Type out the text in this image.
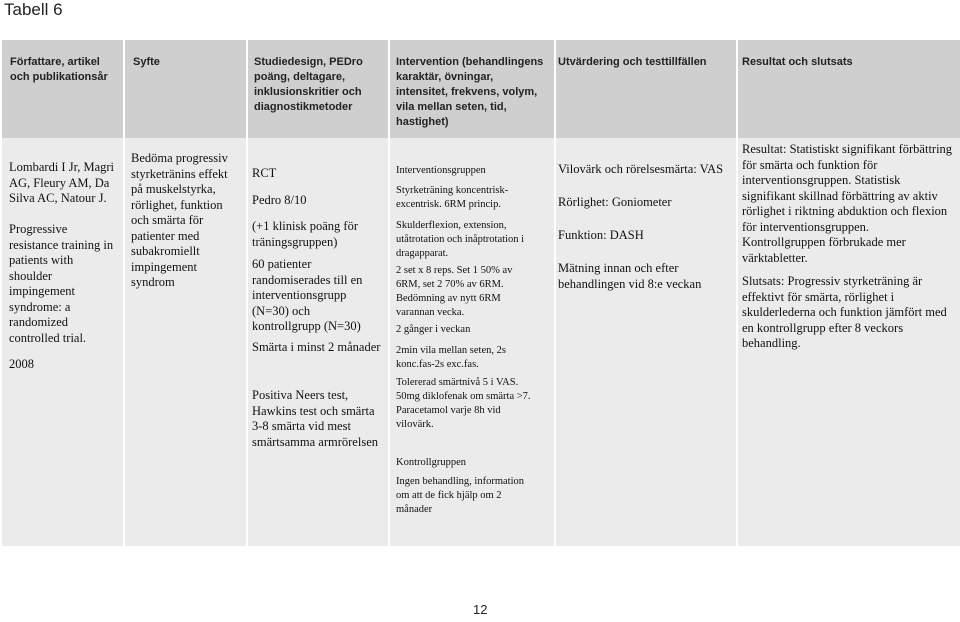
Tabell 6
Författare, artikel
och publikationsår
Syfte	Studiedesign, PEDro
poäng, deltagare,
inklusionskritier och
diagnostikmetoder
Intervention (behandlingens
karaktär, övningar,
intensitet, frekvens, volym,
vila mellan seten, tid,
hastighet)
Utvärdering och testtillfällen	Resultat och slutsats
Lombardi I Jr, Magri
AG, Fleury AM, Da
Silva AC, Natour J.
Progressive
resistance training in
patients with
shoulder
impingement
syndrome: a
randomized
controlled trial.
2008
Bedöma progressiv
styrketränins effekt
på muskelstyrka,
rörlighet, funktion
och smärta för
patienter med
subakromiellt
impingement
syndrom
RCT
Pedro 8/10
(+1 klinisk poäng för
träningsgruppen)
60 patienter
randomiserades till en
interventionsgrupp
(N=30) och
kontrollgrupp (N=30)
Smärta i minst 2 månader
Positiva Neers test,
Hawkins test och smärta
3-8 smärta vid mest
smärtsamma armrörelsen
Interventionsgruppen
Styrketräning koncentrisk-
excentrisk. 6RM princip.
Skulderflexion, extension,
utåtrotation och inåptrotation i
dragapparat.
2 set x 8 reps. Set 1 50% av
6RM, set 2 70% av 6RM.
Bedömning av nytt 6RM
varannan vecka.
2 gånger i veckan
2min vila mellan seten, 2s
konc.fas-2s exc.fas.
Tolererad smärtnivå 5 i VAS.
50mg diklofenak om smärta >7.
Paracetamol varje 8h vid
vilovärk.
Kontrollgruppen
Ingen behandling, information
om att de fick hjälp om 2
månader
Vilovärk och rörelsesmärta: VAS
Rörlighet: Goniometer
Funktion: DASH
Mätning innan och efter
behandlingen vid 8:e veckan
Resultat: Statistiskt signifikant förbättring
för smärta och funktion för
interventionsgruppen. Statistisk
signifikant skillnad förbättring av aktiv
rörlighet i riktning abduktion och flexion
för interventionsgruppen.
Kontrollgruppen förbrukade mer
värktabletter.
Slutsats: Progressiv styrketräning är
effektivt för smärta, rörlighet i
skulderlederna och funktion jämfört med
en kontrollgrupp efter 8 veckors
behandling.
12
